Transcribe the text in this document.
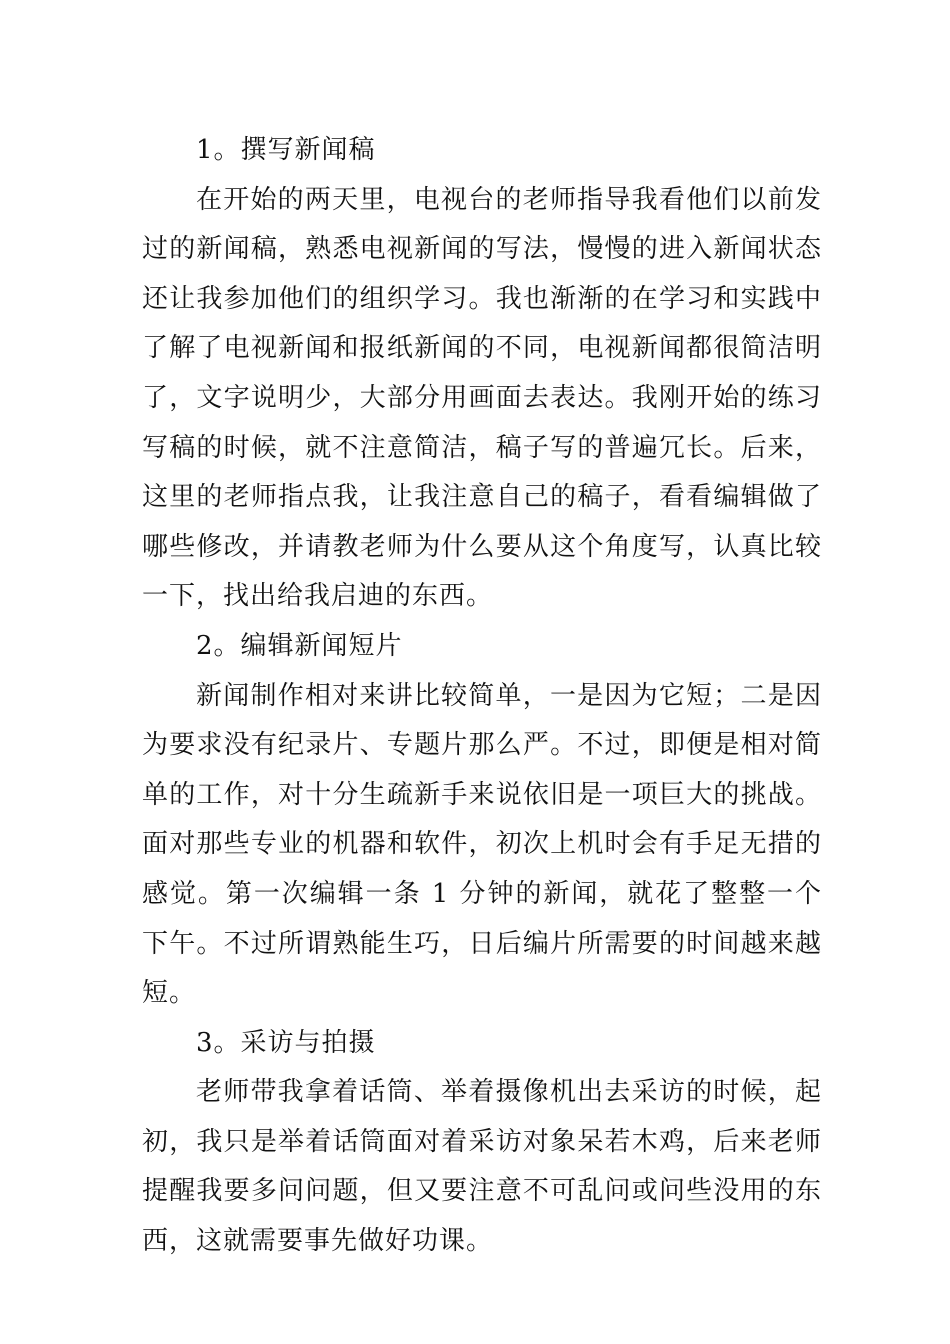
1。撰写新闻稿

在开始的两天里，电视台的老师指导我看他们以前发过的新闻稿，熟悉电视新闻的写法，慢慢的进入新闻状态还让我参加他们的组织学习。我也渐渐的在学习和实践中了解了电视新闻和报纸新闻的不同，电视新闻都很简洁明了，文字说明少，大部分用画面去表达。我刚开始的练习写稿的时候，就不注意简洁，稿子写的普遍冗长。后来，这里的老师指点我，让我注意自己的稿子，看看编辑做了哪些修改，并请教老师为什么要从这个角度写，认真比较一下，找出给我启迪的东西。

2。编辑新闻短片

新闻制作相对来讲比较简单，一是因为它短；二是因为要求没有纪录片、专题片那么严。不过，即便是相对简单的工作，对十分生疏新手来说依旧是一项巨大的挑战。面对那些专业的机器和软件，初次上机时会有手足无措的感觉。第一次编辑一条 1 分钟的新闻，就花了整整一个下午。不过所谓熟能生巧，日后编片所需要的时间越来越短。

3。采访与拍摄

老师带我拿着话筒、举着摄像机出去采访的时候，起初，我只是举着话筒面对着采访对象呆若木鸡，后来老师提醒我要多问问题，但又要注意不可乱问或问些没用的东西，这就需要事先做好功课。
